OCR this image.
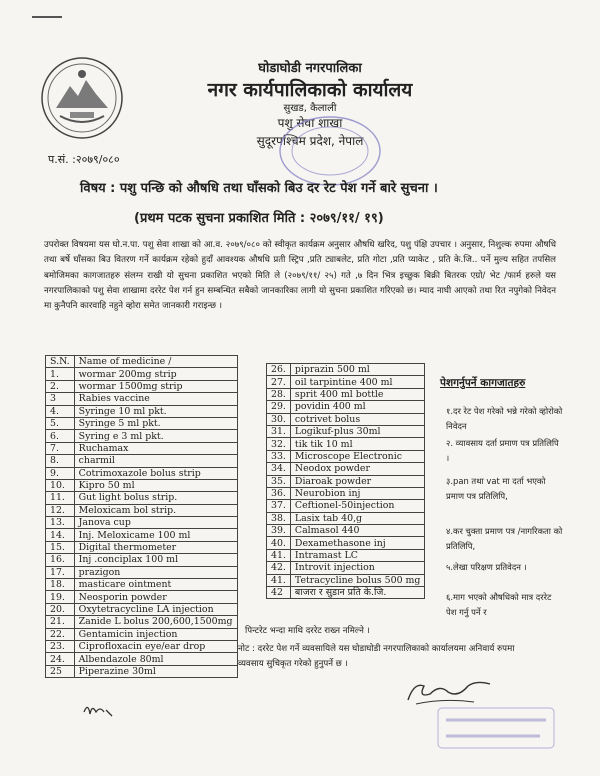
घोडाघोडी नगरपालिका
नगर कार्यपालिकाको कार्यालय
सुखड, कैलाली
पशु सेवा शाखा
सुदूरपश्चिम प्रदेश, नेपाल
प.सं. :२०७९/०८०
विषय : पशु पन्छि को औषधि तथा घाँसको बिउ दर रेट पेश गर्ने बारे सुचना ।
(प्रथम पटक सुचना प्रकाशित मिति : २०७९/११/ १९)
उपरोक्त विषयमा यस घो.न.पा. पशु सेवा शाखा को आ.व. २०७९/०८० को स्वीकृत कार्यक्रम अनुसार औषधि खरिद, पशु पंक्षि उपचार । अनुसार, निशुल्क रुपमा औषधि तथा बर्षे घाँसका बिउ वितरण गर्ने कार्यक्रम रहेको हुदाँ आवश्यक औषधि प्रती स्ट्रिप ,प्रति ट्याबलेट, प्रति गोटा ,प्रति प्याकेट , प्रति के.जि.. पर्ने मुल्य सहित तपसिल बमोजिमका कागजातहरु संलग्न राखी यो सुचना प्रकाशित भएको मिति ले (२०७९/११/ २५) गते ,७ दिन भित्र इच्छुक बिक्री बितरक एग्रो/ भेट /फार्म हरुले यस नगरपालिकाको पशु सेवा शाखामा दररेट पेश गर्न हुन सम्बन्धित सबैको जानकारिका लागी यो सुचना प्रकाशित गरिएको छ। म्याद नाघी आएको तथा रित नपुगेको निवेदन मा कुनैपनि कारवाहि नहुने व्होरा समेत जानकारी गराइन्छ ।
S.N.	Name of medicine /
1.	wormar 200mg strip
2.	wormar 1500mg strip
3	Rabies vaccine
4.	Syringe 10 ml pkt.
5.	Syringe 5 ml pkt.
6.	Syring e 3 ml pkt.
7.	Ruchamax
8.	charmil
9.	Cotrimoxazole bolus strip
10.	Kipro 50 ml
11.	Gut light bolus strip.
12.	Meloxicam bol strip.
13.	Janova cup
14.	Inj. Meloxicame 100 ml
15.	Digital thermometer
16.	Inj .conciplax 100 ml
17.	prazigon
18.	masticare ointment
19.	Neosporin powder
20.	Oxytetracycline LA injection
21.	Zanide L bolus 200,600,1500mg
22.	Gentamicin injection
23.	Ciprofloxacin eye/ear drop
24.	Albendazole 80ml
25	Piperazine 30ml
26.	piprazin 500 ml
27.	oil tarpintine 400 ml
28.	sprit 400 ml bottle
29.	povidin 400 ml
30.	cotrivet bolus
31.	Logikuf-plus 30ml
32.	tik tik 10 ml
33.	Microscope Electronic
34.	Neodox powder
35.	Diaroak powder
36.	Neurobion inj
37.	Ceftionel-50injection
38.	Lasix tab 40,g
39.	Calmasol 440
40.	Dexamethasone inj
41.	Intramast LC
42.	Introvit injection
41.	Tetracycline bolus 500 mg
42	बाजरा र सुडान प्रति के.जि.
पिन्टरेट भन्दा माथि दररेट राख्न नमिल्ने ।
नोट : दररेट पेश गर्ने व्यवसायिले यस घोडाघोडी नगरपालिकाको कार्यालयमा अनिवार्य रुपमा व्यवसाय सुचिकृत गरेको हुनुपर्ने छ ।
पेशगर्नुपर्ने कागजातहरु
१.दर रेट पेश गरेको भन्ने गरेको व्होरोको निवेदन
२. व्यावसाय दर्ता प्रमाण पत्र प्रतिलिपि ।
३.pan तथा vat मा दर्ता भएको प्रमाण पत्र प्रतिलिपि,
४.कर चुक्ता प्रमाण पत्र /नागरिकता को प्रतिलिपि,
५.लेखा परिक्षण प्रतिवेदन ।
६.माग भएको औषधिको मात्र दररेट पेश गर्नु पर्ने र
